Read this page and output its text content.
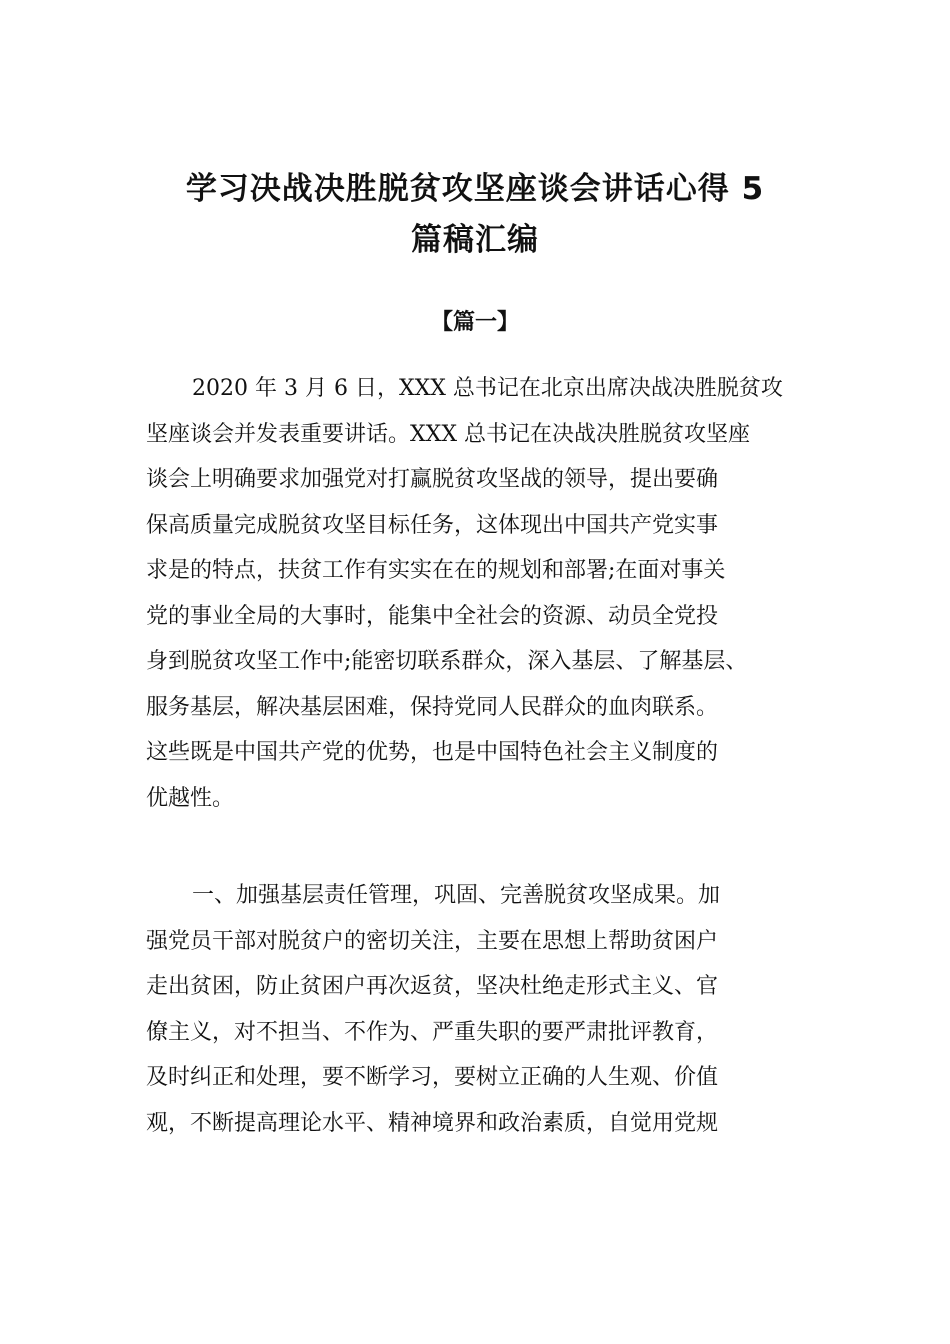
学习决战决胜脱贫攻坚座谈会讲话心得 5
篇稿汇编
【篇一】

2020 年 3 月 6 日，XXX 总书记在北京出席决战决胜脱贫攻
坚座谈会并发表重要讲话。XXX 总书记在决战决胜脱贫攻坚座
谈会上明确要求加强党对打赢脱贫攻坚战的领导，提出要确
保高质量完成脱贫攻坚目标任务，这体现出中国共产党实事
求是的特点，扶贫工作有实实在在的规划和部署;在面对事关
党的事业全局的大事时，能集中全社会的资源、动员全党投
身到脱贫攻坚工作中;能密切联系群众，深入基层、了解基层、
服务基层，解决基层困难，保持党同人民群众的血肉联系。
这些既是中国共产党的优势，也是中国特色社会主义制度的
优越性。

一、加强基层责任管理，巩固、完善脱贫攻坚成果。加
强党员干部对脱贫户的密切关注，主要在思想上帮助贫困户
走出贫困，防止贫困户再次返贫，坚决杜绝走形式主义、官
僚主义，对不担当、不作为、严重失职的要严肃批评教育，
及时纠正和处理，要不断学习，要树立正确的人生观、价值
观，不断提高理论水平、精神境界和政治素质，自觉用党规
